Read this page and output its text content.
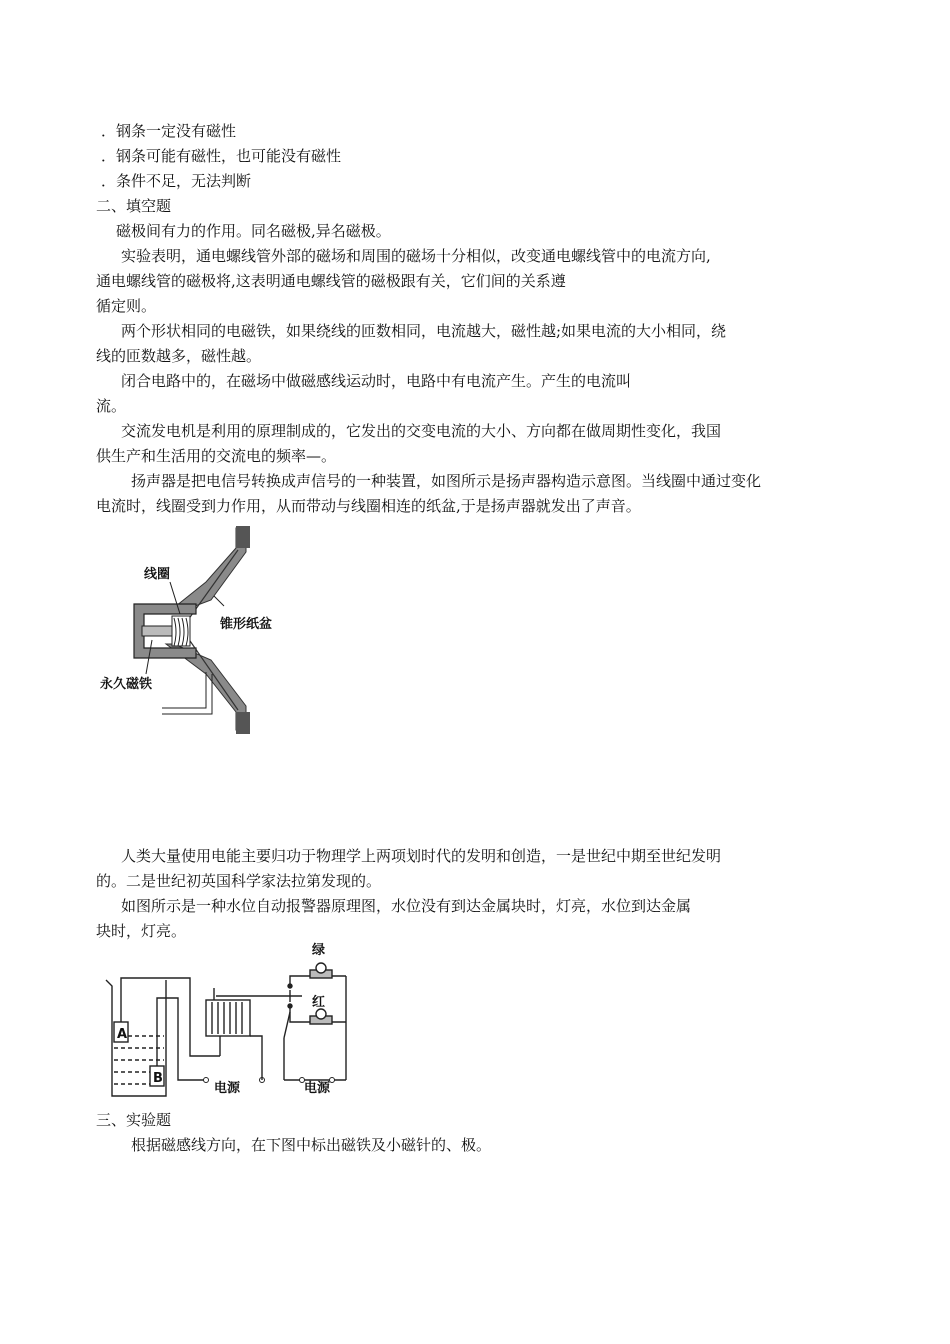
．钢条一定没有磁性
．钢条可能有磁性，也可能没有磁性
．条件不足，无法判断
二、填空题
磁极间有力的作用。同名磁极,异名磁极。
实验表明，通电螺线管外部的磁场和周围的磁场十分相似，改变通电螺线管中的电流方向,
通电螺线管的磁极将,这表明通电螺线管的磁极跟有关，它们间的关系遵
循定则。
两个形状相同的电磁铁，如果绕线的匝数相同，电流越大，磁性越;如果电流的大小相同，绕
线的匝数越多，磁性越。
闭合电路中的，在磁场中做磁感线运动时，电路中有电流产生。产生的电流叫
流。
交流发电机是利用的原理制成的，它发出的交变电流的大小、方向都在做周期性变化，我国
供生产和生活用的交流电的频率—。
扬声器是把电信号转换成声信号的一种装置，如图所示是扬声器构造示意图。当线圈中通过变化
电流时，线圈受到力作用，从而带动与线圈相连的纸盆,于是扬声器就发出了声音。
线圈
锥形纸盆
永久磁铁
人类大量使用电能主要归功于物理学上两项划时代的发明和创造，一是世纪中期至世纪发明
的。二是世纪初英国科学家法拉第发现的。
如图所示是一种水位自动报警器原理图，水位没有到达金属块时，灯亮，水位到达金属
块时，灯亮。
绿
红
A
B
电源	电源
三、实验题
根据磁感线方向，在下图中标出磁铁及小磁针的、极。
